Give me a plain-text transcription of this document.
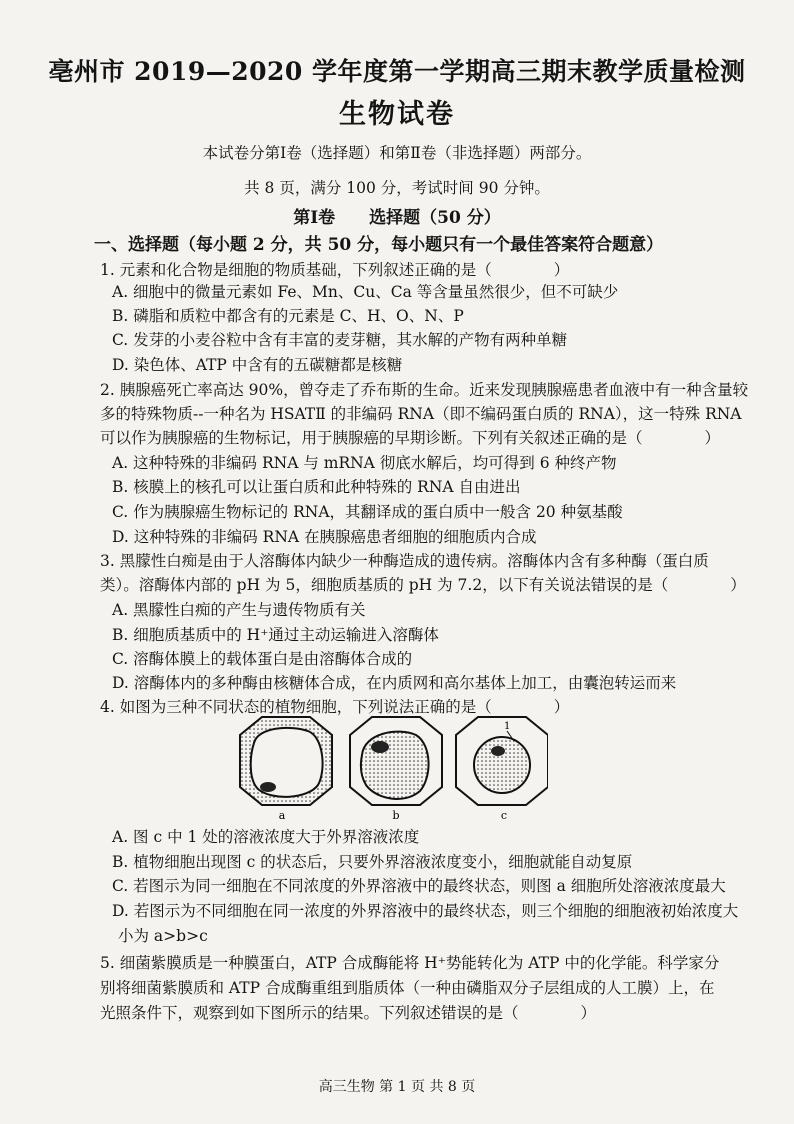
亳州市 2019—2020 学年度第一学期高三期末教学质量检测
生物试卷
本试卷分第Ⅰ卷（选择题）和第Ⅱ卷（非选择题）两部分。
共 8 页，满分 100 分，考试时间 90 分钟。
第Ⅰ卷　　选择题（50 分）
一、选择题（每小题 2 分，共 50 分，每小题只有一个最佳答案符合题意）
1. 元素和化合物是细胞的物质基础，下列叙述正确的是（　　　　）
A. 细胞中的微量元素如 Fe、Mn、Cu、Ca 等含量虽然很少，但不可缺少
B. 磷脂和质粒中都含有的元素是 C、H、O、N、P
C. 发芽的小麦谷粒中含有丰富的麦芽糖，其水解的产物有两种单糖
D. 染色体、ATP 中含有的五碳糖都是核糖
2. 胰腺癌死亡率高达 90%，曾夺走了乔布斯的生命。近来发现胰腺癌患者血液中有一种含量较
多的特殊物质--一种名为 HSATⅡ 的非编码 RNA（即不编码蛋白质的 RNA），这一特殊 RNA
可以作为胰腺癌的生物标记，用于胰腺癌的早期诊断。下列有关叙述正确的是（　　　　）
A. 这种特殊的非编码 RNA 与 mRNA 彻底水解后，均可得到 6 种终产物
B. 核膜上的核孔可以让蛋白质和此种特殊的 RNA 自由进出
C. 作为胰腺癌生物标记的 RNA，其翻译成的蛋白质中一般含 20 种氨基酸
D. 这种特殊的非编码 RNA 在胰腺癌患者细胞的细胞质内合成
3. 黑朦性白痴是由于人溶酶体内缺少一种酶造成的遗传病。溶酶体内含有多种酶（蛋白质
类）。溶酶体内部的 pH 为 5，细胞质基质的 pH 为 7.2，以下有关说法错误的是（　　　　）
A. 黑朦性白痴的产生与遗传物质有关
B. 细胞质基质中的 H⁺通过主动运输进入溶酶体
C. 溶酶体膜上的载体蛋白是由溶酶体合成的
D. 溶酶体内的多种酶由核糖体合成，在内质网和高尔基体上加工，由囊泡转运而来
4. 如图为三种不同状态的植物细胞，下列说法正确的是（　　　　）
a	b
1
c
A. 图 c 中 1 处的溶液浓度大于外界溶液浓度
B. 植物细胞出现图 c 的状态后，只要外界溶液浓度变小，细胞就能自动复原
C. 若图示为同一细胞在不同浓度的外界溶液中的最终状态，则图 a 细胞所处溶液浓度最大
D. 若图示为不同细胞在同一浓度的外界溶液中的最终状态，则三个细胞的细胞液初始浓度大
小为 a>b>c
5. 细菌紫膜质是一种膜蛋白，ATP 合成酶能将 H⁺势能转化为 ATP 中的化学能。科学家分
别将细菌紫膜质和 ATP 合成酶重组到脂质体（一种由磷脂双分子层组成的人工膜）上，在
光照条件下，观察到如下图所示的结果。下列叙述错误的是（　　　　）
高三生物 第 1 页 共 8 页
